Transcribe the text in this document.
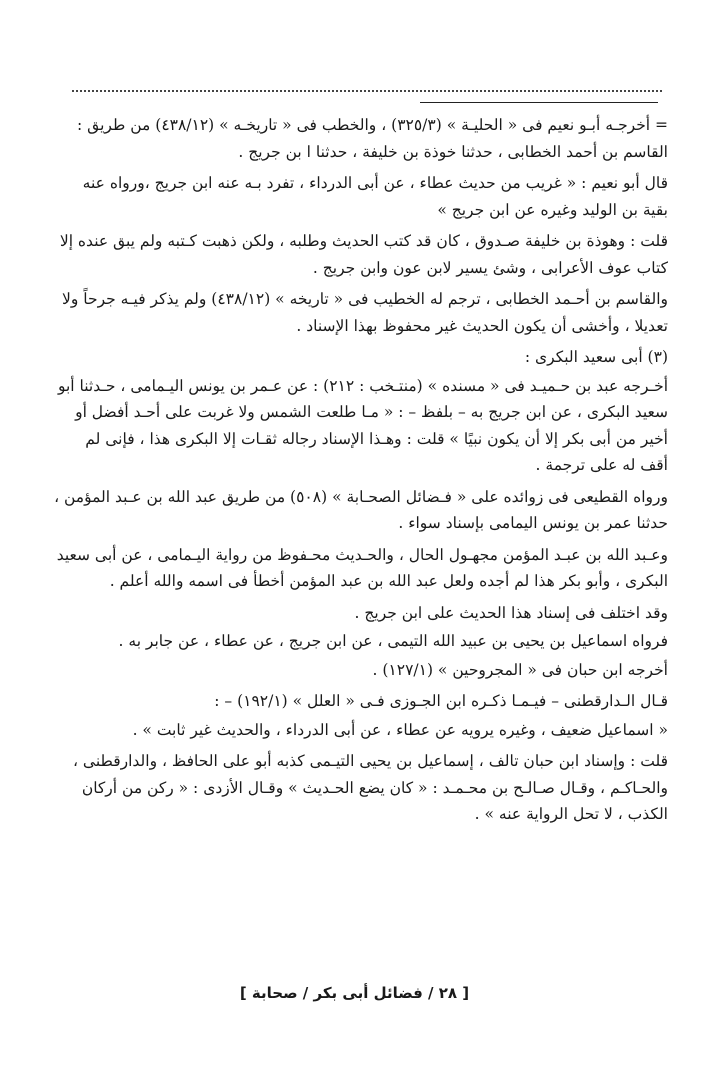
= أخرجـه أبـو نعيم فى « الحليـة » (٣٢٥/٣) ، والخطب فى « تاريخـه » (٤٣٨/١٢) من طريق : القاسم بن أحمد الخطابى ، حدثنا خوذة بن خليفة ، حدثنا ا بن جريج .

قال أبو نعيم : « غريب من حديث عطاء ، عن أبى الدرداء ، تفرد بـه عنه ابن جريج ،ورواه عنه بقية بن الوليد وغيره عن ابن جريج »

قلت : وهوذة بن خليفة صـدوق ، كان قد كتب الحديث وطلبه ، ولكن ذهبت كـتبه ولم يبق عنده إلا كتاب عوف الأعرابى ، وشئ يسير لابن عون وابن جريج .

والقاسم بن أحـمد الخطابى ، ترجم له الخطيب فى « تاريخه » (٤٣٨/١٢) ولم يذكر فيـه جرحاً ولا تعديلا ، وأخشى أن يكون الحديث غير محفوظ بهذا الإسناد .

(٣) أبى سعيد البكرى :

أخـرجه عبد بن حـميـد فى « مسنده » (منتـخب : ٢١٢) : عن عـمر بن يونس اليـمامى ، حـدثنا أبو سعيد البكرى ، عن ابن جريج به – بلفظ – : « مـا طلعت الشمس ولا غربت على أحـد أفضل أو أخير من أبى بكر إلا أن يكون نبيًا » قلت : وهـذا الإسناد رجاله ثقـات إلا البكرى هذا ، فإنى لم أقف له على ترجمة .

ورواه القطيعى فى زوائده على « فـضائل الصحـابة » (٥٠٨) من طريق عبد الله بن عـبد المؤمن ، حدثنا عمر بن يونس اليمامى بإسناد سواء .

وعـبد الله بن عبـد المؤمن مجهـول الحال ، والحـديث محـفوظ من رواية اليـمامى ، عن أبى سعيد البكرى ، وأبو بكر هذا لم أجده ولعل عبد الله بن عبد المؤمن أخطأ فى اسمه والله أعلم .

وقد اختلف فى إسناد هذا الحديث على ابن جريج .

فرواه اسماعيل بن يحيى بن عبيد الله التيمى ، عن ابن جريج ، عن عطاء ، عن جابر به .

أخرجه ابن حبان فى « المجروحين » (١٢٧/١) .

قـال الـدارقطنى – فيـمـا ذكـره ابن الجـوزى فـى « العلل » (١٩٢/١) – :

« اسماعيل ضعيف ، وغيره يرويه عن عطاء ، عن أبى الدرداء ، والحديث غير ثابت » .

قلت : وإسناد ابن حبان تالف ، إسماعيل بن يحيى التيـمى كذبه أبو على الحافظ ، والدارقطنى ، والحـاكـم ، وقـال صـالـح بن محـمـد : « كان يضع الحـديث » وقـال الأزدى : « ركن من أركان الكذب ، لا تحل الرواية عنه » .

[ ٢٨ / فضائل أبى بكر / صحابة ]
